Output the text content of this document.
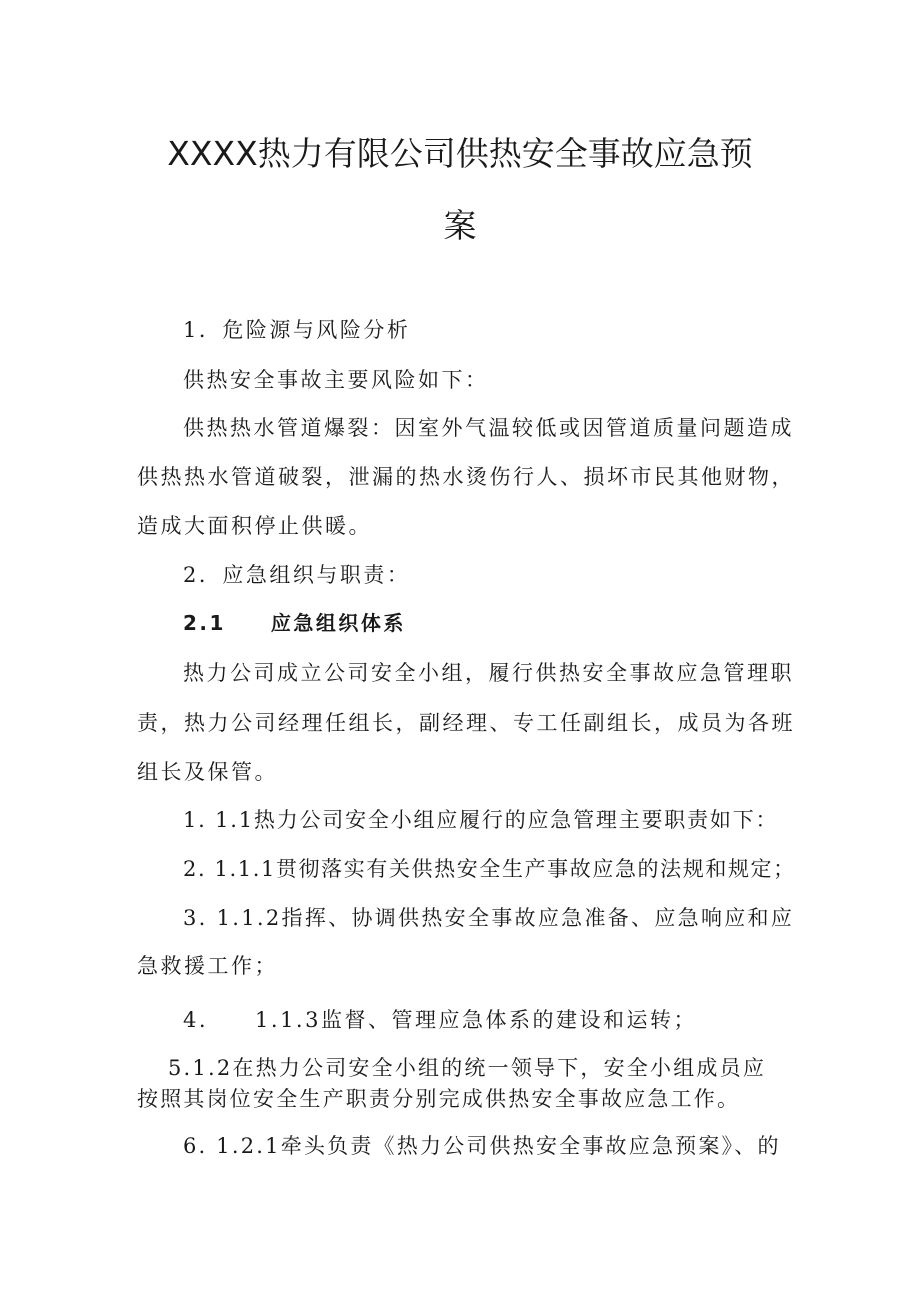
XXXX热力有限公司供热安全事故应急预
案

1．危险源与风险分析

供热安全事故主要风险如下：

供热热水管道爆裂：因室外气温较低或因管道质量问题造成

供热热水管道破裂，泄漏的热水烫伤行人、损坏市民其他财物，

造成大面积停止供暖。

2．应急组织与职责：

2.1　　应急组织体系

热力公司成立公司安全小组，履行供热安全事故应急管理职

责，热力公司经理任组长，副经理、专工任副组长，成员为各班

组长及保管。

1. 1.1热力公司安全小组应履行的应急管理主要职责如下：

2. 1.1.1贯彻落实有关供热安全生产事故应急的法规和规定；

3. 1.1.2指挥、协调供热安全事故应急准备、应急响应和应

急救援工作；

4.　　1.1.3监督、管理应急体系的建设和运转；

5.1.2在热力公司安全小组的统一领导下，安全小组成员应

按照其岗位安全生产职责分别完成供热安全事故应急工作。

6. 1.2.1牵头负责《热力公司供热安全事故应急预案》、的
